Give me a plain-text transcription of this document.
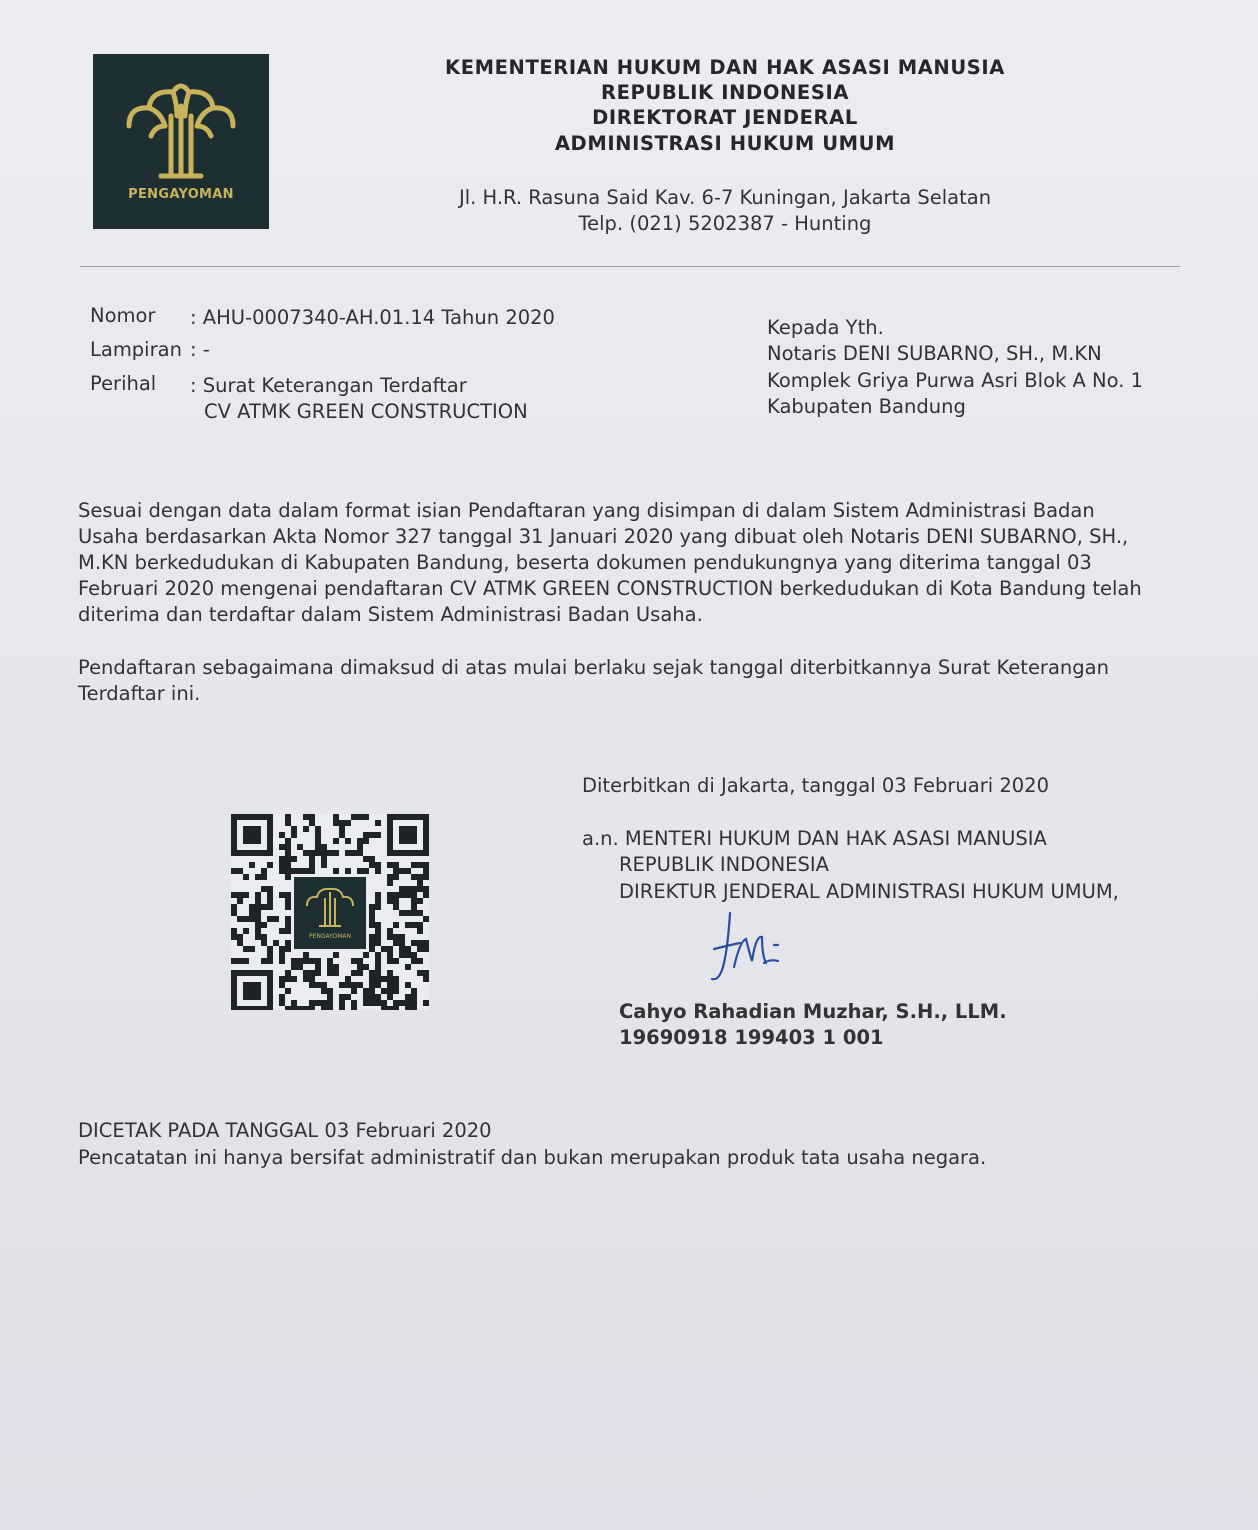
PENGAYOMAN
KEMENTERIAN HUKUM DAN HAK ASASI MANUSIA
REPUBLIK INDONESIA
DIREKTORAT JENDERAL
ADMINISTRASI HUKUM UMUM
Jl. H.R. Rasuna Said Kav. 6-7 Kuningan, Jakarta Selatan
Telp. (021) 5202387 - Hunting
Nomor : AHU-0007340-AH.01.14 Tahun 2020
Lampiran : -
Perihal : Surat Keterangan Terdaftar
CV ATMK GREEN CONSTRUCTION
Kepada Yth.
Notaris DENI SUBARNO, SH., M.KN
Komplek Griya Purwa Asri Blok A No. 1
Kabupaten Bandung
Sesuai dengan data dalam format isian Pendaftaran yang disimpan di dalam Sistem Administrasi Badan
Usaha berdasarkan Akta Nomor 327 tanggal 31 Januari 2020 yang dibuat oleh Notaris DENI SUBARNO, SH.,
M.KN berkedudukan di Kabupaten Bandung, beserta dokumen pendukungnya yang diterima tanggal 03
Februari 2020 mengenai pendaftaran CV ATMK GREEN CONSTRUCTION berkedudukan di Kota Bandung telah
diterima dan terdaftar dalam Sistem Administrasi Badan Usaha.
Pendaftaran sebagaimana dimaksud di atas mulai berlaku sejak tanggal diterbitkannya Surat Keterangan
Terdaftar ini.
Diterbitkan di Jakarta, tanggal 03 Februari 2020
a.n. MENTERI HUKUM DAN HAK ASASI MANUSIA
REPUBLIK INDONESIA
DIREKTUR JENDERAL ADMINISTRASI HUKUM UMUM,
Cahyo Rahadian Muzhar, S.H., LLM.
19690918 199403 1 001
PENGAYOMAN
DICETAK PADA TANGGAL 03 Februari 2020
Pencatatan ini hanya bersifat administratif dan bukan merupakan produk tata usaha negara.
